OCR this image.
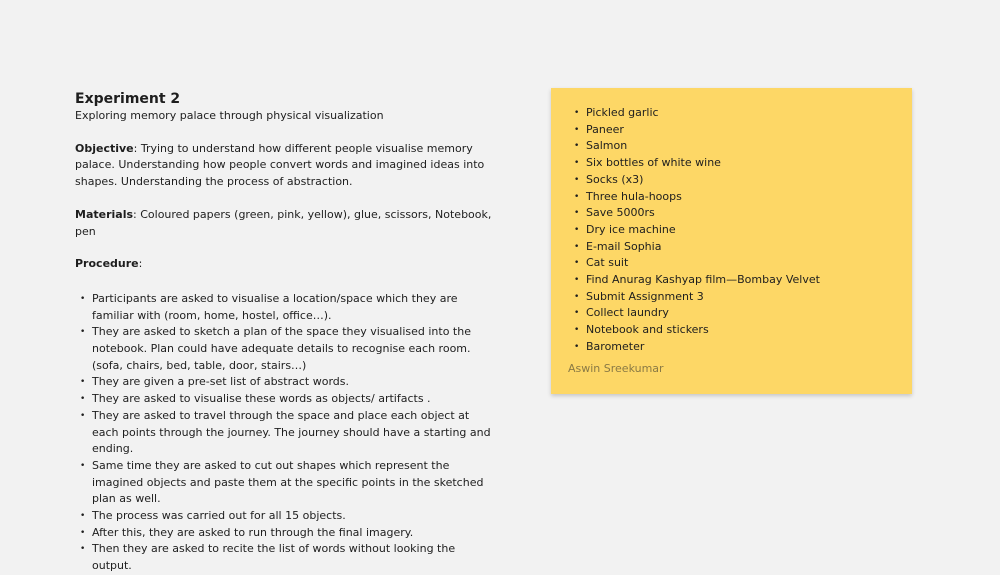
Experiment 2

Exploring memory palace through physical visualization

Objective: Trying to understand how different people visualise memory palace. Understanding how people convert words and imagined ideas into shapes. Understanding the process of abstraction.

Materials: Coloured papers (green, pink, yellow), glue, scissors, Notebook, pen

Procedure:

• Participants are asked to visualise a location/space which they are familiar with (room, home, hostel, office…).
• They are asked to sketch a plan of the space they visualised into the notebook. Plan could have adequate details to recognise each room. (sofa, chairs, bed, table, door, stairs…)
• They are given a pre-set list of abstract words.
• They are asked to visualise these words as objects/ artifacts .
• They are asked to travel through the space and place each object at each points through the journey. The journey should have a starting and ending.
• Same time they are asked to cut out shapes which represent the imagined objects and paste them at the specific points in the sketched plan as well.
• The process was carried out for all 15 objects.
• After this, they are asked to run through the final imagery.
• Then they are asked to recite the list of words without looking the output.
• Pickled garlic
• Paneer
• Salmon
• Six bottles of white wine
• Socks (x3)
• Three hula-hoops
• Save 5000rs
• Dry ice machine
• E-mail Sophia
• Cat suit
• Find Anurag Kashyap film—Bombay Velvet
• Submit Assignment 3
• Collect laundry
• Notebook and stickers
• Barometer
Aswin Sreekumar
